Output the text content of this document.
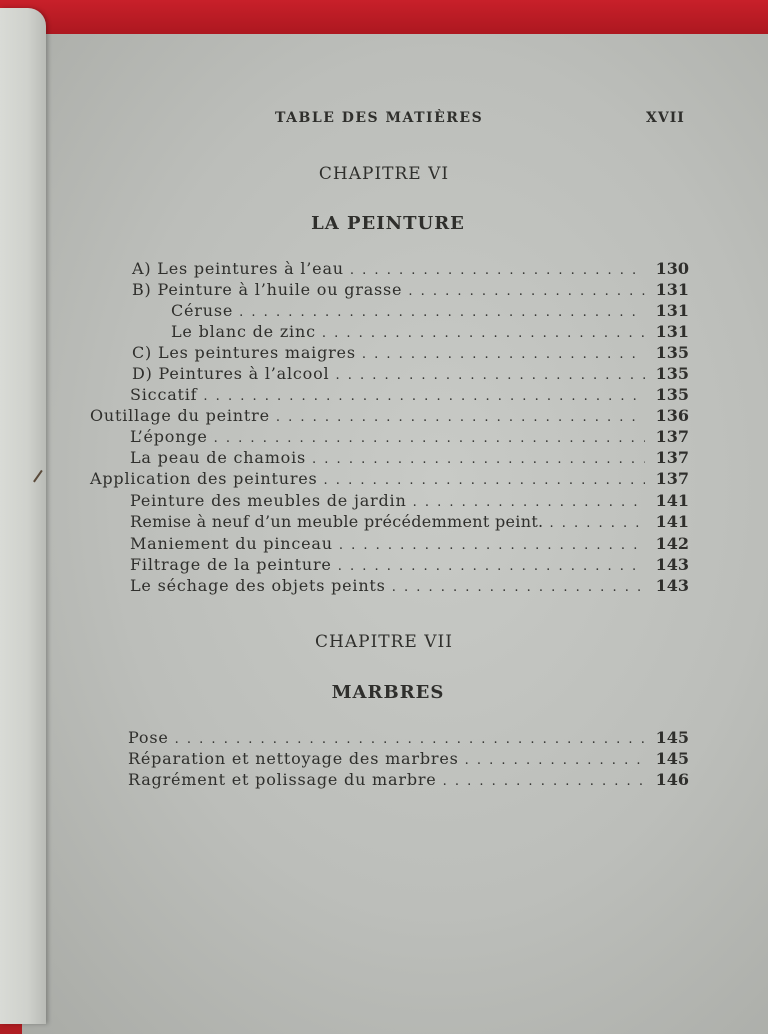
TABLE DES MATIÈRES	XVII
CHAPITRE VI
LA PEINTURE
A) Les peintures à l’eau . . .	130
B) Peinture à l’huile ou grasse . . .	131
Céruse . . .	131
Le blanc de zinc . . .	131
C) Les peintures maigres . . .	135
D) Peintures à l’alcool . . .	135
Siccatif . . .	135
Outillage du peintre . . .	136
L’éponge . . .	137
La peau de chamois . . .	137
Application des peintures . . .	137
Peinture des meubles de jardin . . .	141
Remise à neuf d’un meuble précédemment peint. . . .	141
Maniement du pinceau . . .	142
Filtrage de la peinture . . .	143
Le séchage des objets peints . . .	143
CHAPITRE VII
MARBRES
Pose . . .	145
Réparation et nettoyage des marbres . . .	145
Ragrément et polissage du marbre . . .	146
